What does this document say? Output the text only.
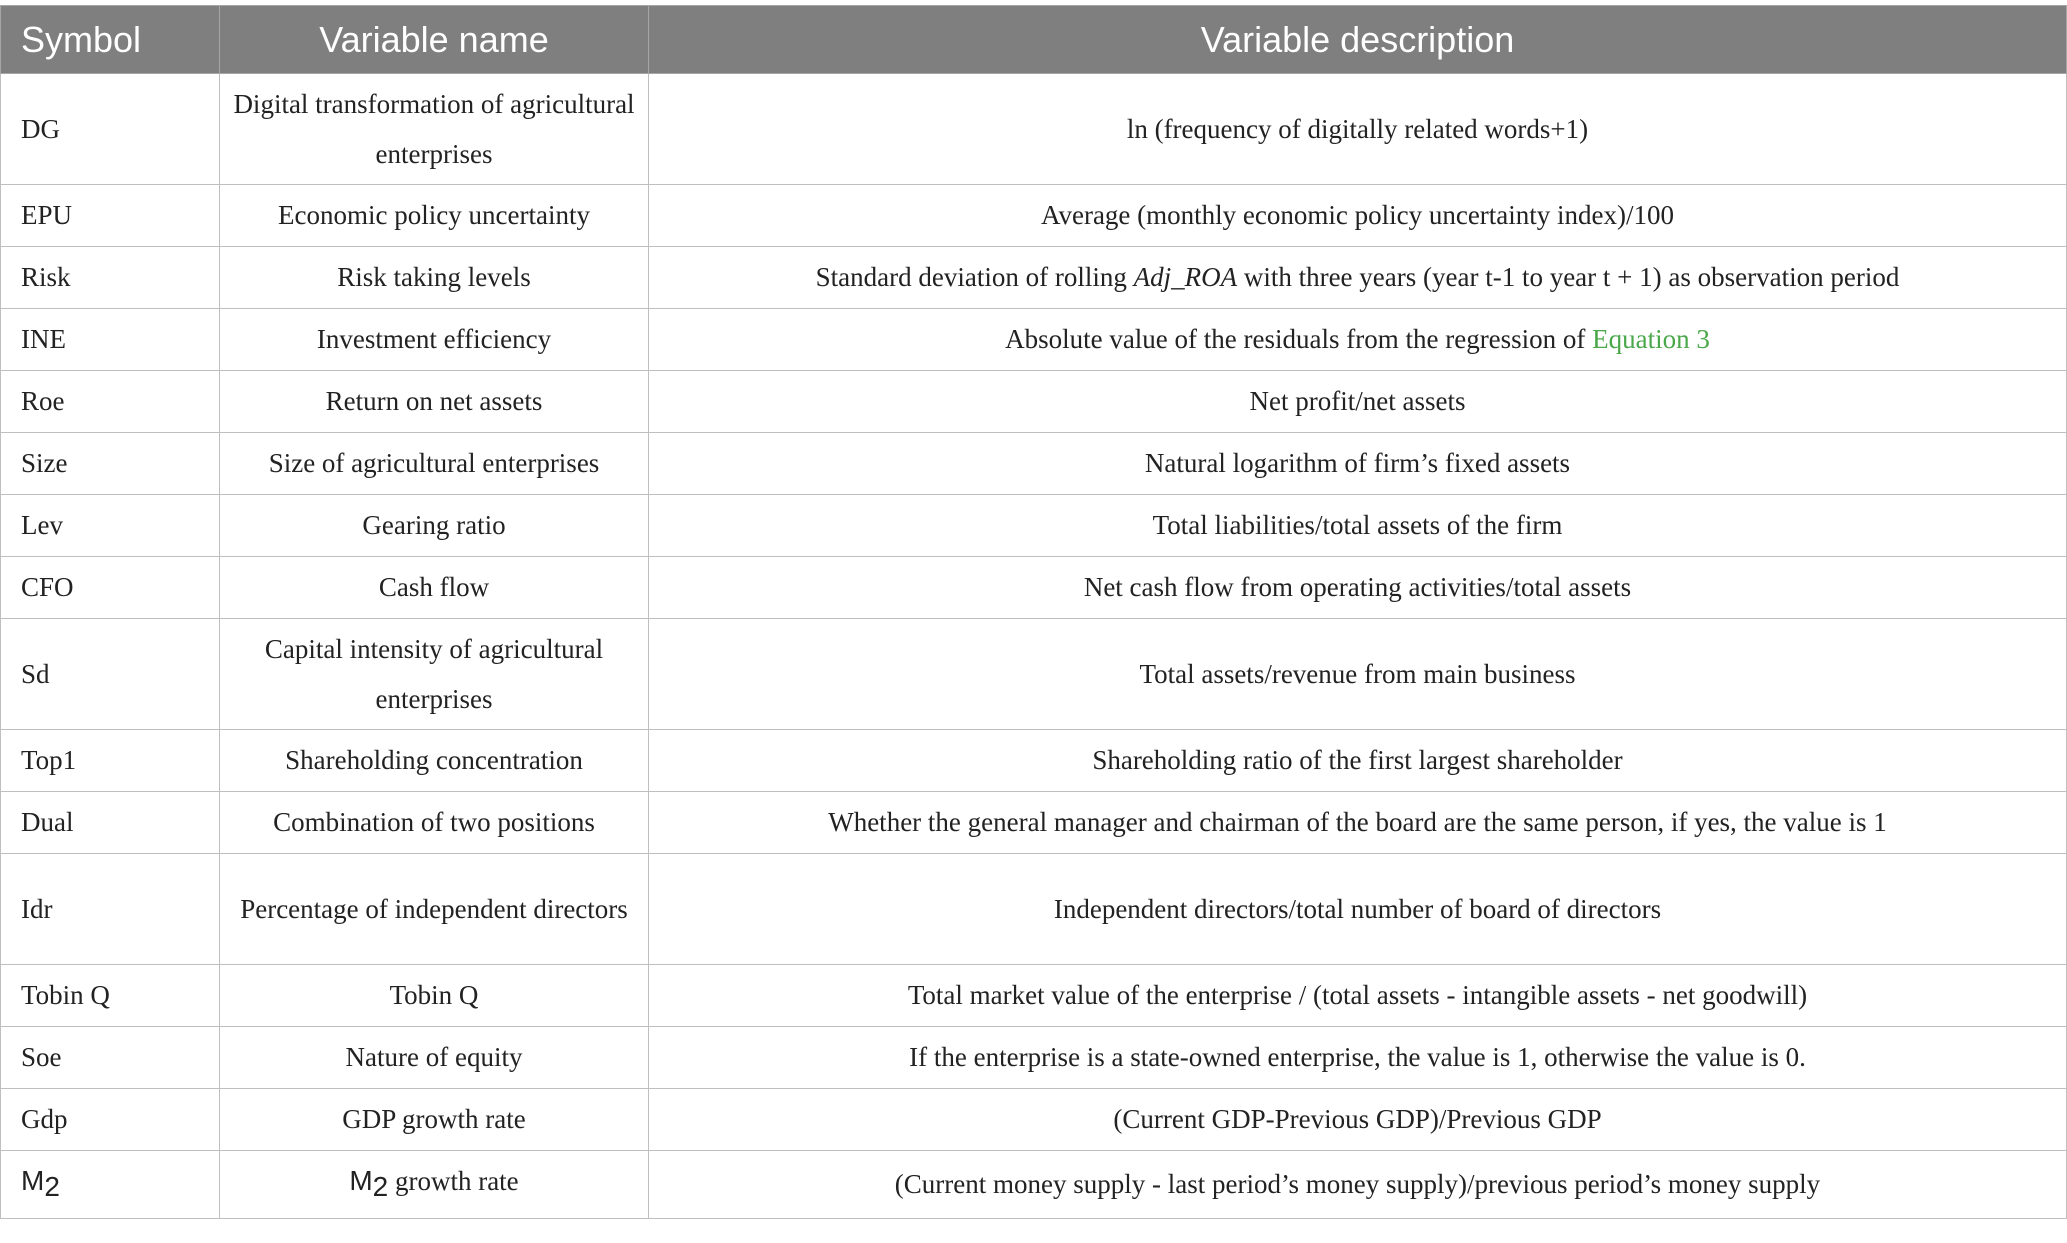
Symbol	Variable name	Variable description
DG	Digital transformation of agricultural enterprises	ln (frequency of digitally related words+1)
EPU	Economic policy uncertainty	Average (monthly economic policy uncertainty index)/100
Risk	Risk taking levels	Standard deviation of rolling Adj_ROA with three years (year t-1 to year t + 1) as observation period
INE	Investment efficiency	Absolute value of the residuals from the regression of Equation 3
Roe	Return on net assets	Net profit/net assets
Size	Size of agricultural enterprises	Natural logarithm of firm’s fixed assets
Lev	Gearing ratio	Total liabilities/total assets of the firm
CFO	Cash flow	Net cash flow from operating activities/total assets
Sd	Capital intensity of agricultural enterprises	Total assets/revenue from main business
Top1	Shareholding concentration	Shareholding ratio of the first largest shareholder
Dual	Combination of two positions	Whether the general manager and chairman of the board are the same person, if yes, the value is 1
Idr	Percentage of independent directors	Independent directors/total number of board of directors
Tobin Q	Tobin Q	Total market value of the enterprise / (total assets - intangible assets - net goodwill)
Soe	Nature of equity	If the enterprise is a state-owned enterprise, the value is 1, otherwise the value is 0.
Gdp	GDP growth rate	(Current GDP-Previous GDP)/Previous GDP
$M_2$	$M_2$ growth rate	(Current money supply - last period’s money supply)/previous period’s money supply
